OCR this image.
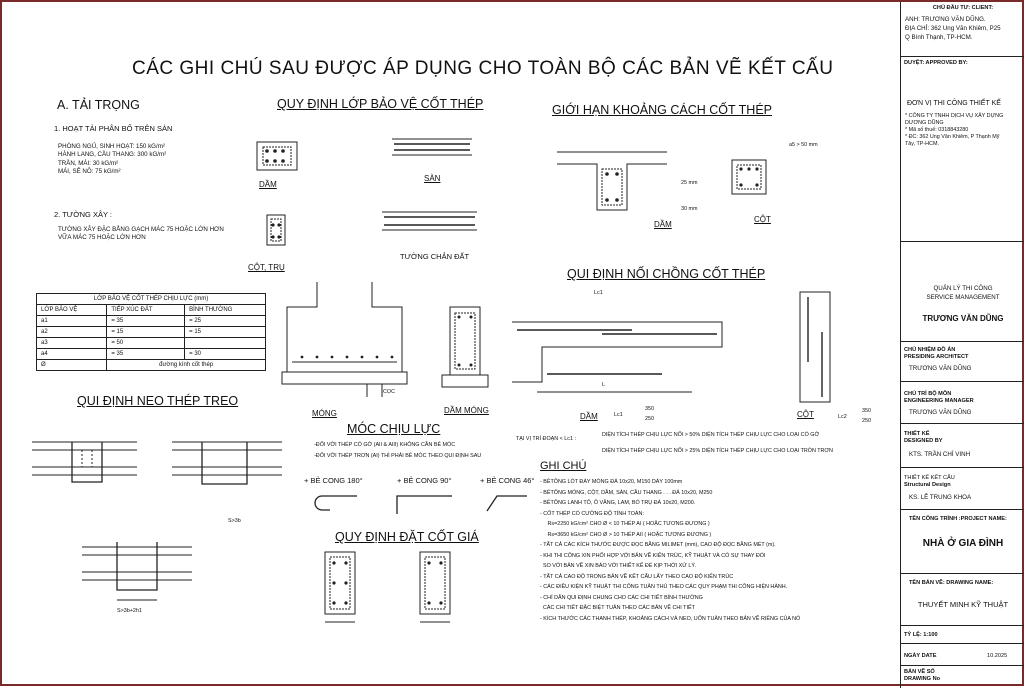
CÁC GHI CHÚ SAU ĐƯỢC ÁP DỤNG CHO TOÀN BỘ CÁC BẢN VẼ KẾT CẤU
A. TẢI TRỌNG
1. HOẠT TẢI PHÂN BỐ TRÊN SÀN
PHÒNG NGỦ, SINH HOẠT: 150 kG/m²
HÀNH LANG, CẦU THANG: 300 kG/m²
TRẦN, MÁI: 30 kG/m²
MÁI, SÊ NÔ: 75 kG/m²
2. TƯỜNG XÂY :
TƯỜNG XÂY ĐẶC BẰNG GẠCH MÁC 75 HOẶC LỚN HƠN
VỮA MÁC 75 HOẶC LỚN HƠN
LỚP BẢO VỆ CỐT THÉP CHỊU LỰC (mm)		
LỚP BẢO VỆ	TIẾP XÚC ĐẤT	BÌNH THƯỜNG
a1	= 35	= 25
a2	= 15	= 15
a3	= 50	
a4	= 35	= 30
Ø	đường kính cốt thép	
QUI ĐỊNH NEO THÉP TREO
S>3b
S>3b+2h1
QUY ĐỊNH LỚP BẢO VỆ CỐT THÉP
DẦM
SÀN
CỘT, TRỤ
TƯỜNG CHẮN ĐẤT
CỌC
MÓNG	DẦM MÓNG
MÓC CHỊU LỰC
-ĐỐI VỚI THÉP CÓ GỜ (AII & AIII) KHÔNG CẦN BẺ MÓC
-ĐỐI VỚI THÉP TRƠN (AI) THÌ PHẢI BẺ MÓC THEO QUI ĐỊNH SAU
+ BẺ CONG 180°	+ BẺ CONG 90°	+ BẺ CONG 46°
QUY ĐỊNH ĐẶT CỐT GIÁ
GIỚI HẠN KHOẢNG CÁCH CỐT THÉP
25 mm
30 mm
a5 > 50 mm
DẦM
CỘT
QUI ĐỊNH NỐI CHỒNG CỐT THÉP
Lc1
L
DẦM	Lc1
350
250	CỘT	Lc2
350
250
TẠI VỊ TRÍ ĐOẠN < Lc1 :
DIỆN TÍCH THÉP CHỊU LỰC NỐI > 50% DIỆN TÍCH THÉP CHỊU LỰC CHO LOẠI CÓ GỜ
DIỆN TÍCH THÉP CHỊU LỰC NỐI > 25% DIỆN TÍCH THÉP CHỊU LỰC CHO LOẠI TRÒN TRƠN
GHI CHÚ
- BÊTÔNG LÓT ĐÁY MÓNG ĐÁ 10x20, M150 DÀY 100mm
- BÊTÔNG MÓNG, CỘT, DẦM, SÀN, CẦU THANG . . . ĐÁ 10x20, M250
- BÊTÔNG LANH TÔ, Ô VĂNG, LAM, BỔ TRỤ ĐÁ 10x20, M200.
- CỐT THÉP CÓ CƯỜNG ĐỘ TÍNH TOÁN:
Rs=2250 kG/cm² CHO Ø < 10 THÉP AI ( HOẶC TƯƠNG ĐƯƠNG )
Rs=3650 kG/cm² CHO Ø > 10 THÉP AII ( HOẶC TƯƠNG ĐƯƠNG )
- TẤT CẢ CÁC KÍCH THƯỚC ĐƯỢC ĐỌC BẰNG MILIMET (mm), CAO ĐỘ ĐỌC BẰNG MÉT (m).
- KHI THI CÔNG XIN PHỐI HỢP VỚI BẢN VẼ KIẾN TRÚC, KỸ THUẬT VÀ CÓ SỰ THAY ĐỔI
SO VỚI BẢN VẼ XIN BÁO VỚI THIẾT KẾ ĐỂ KỊP THỜI XỬ LÝ.
- TẤT CẢ CAO ĐỘ TRONG BẢN VẼ KẾT CẤU LẤY THEO CAO ĐỘ KIẾN TRÚC
- CÁC ĐIỀU KIỆN KỸ THUẬT THI CÔNG TUÂN THỦ THEO CÁC QUY PHẠM THI CÔNG HIỆN HÀNH.
- CHỈ DẪN QUI ĐỊNH CHUNG CHO CÁC CHI TIẾT BÌNH THƯỜNG
CÁC CHI TIẾT ĐẶC BIỆT TUÂN THEO CÁC BẢN VẼ CHI TIẾT
- KÍCH THƯỚC CÁC THANH THÉP, KHOẢNG CÁCH VÀ NEO, UỐN TUÂN THEO BẢN VẼ RIÊNG CỦA NÓ
CHỦ ĐẦU TƯ: CLIENT:
ANH: TRƯƠNG VĂN DŨNG.
ĐỊA CHỈ: 362 Ung Văn Khiêm, P25
Q Bình Thạnh, TP-HCM.
DUYỆT: APPROVED BY:
ĐƠN VỊ THI CÔNG THIẾT KẾ
* CÔNG TY TNHH DỊCH VỤ XÂY DỰNG
DƯƠNG DŨNG
* Mã số thuế: 0318843280
* ĐC: 362 Ung Văn Khiêm, P Thạnh Mỹ
Tây, TP-HCM.
QUẢN LÝ THI CÔNG
SERVICE MANAGEMENT
TRƯƠNG VĂN DŨNG
CHỦ NHIỆM ĐỒ ÁN
PRESIDING ARCHITECT
TRƯƠNG VĂN DŨNG
CHỦ TRÌ BỘ MÔN
ENGINEERING MANAGER
TRƯƠNG VĂN DŨNG
THIẾT KẾ
DESIGNED BY
KTS. TRẦN CHÍ VINH
THIẾT KẾ KẾT CẤU
Structural Design
KS. LÊ TRUNG KHOA
TÊN CÔNG TRÌNH :PROJECT NAME:
NHÀ Ở GIA ĐÌNH
TÊN BẢN VẼ: DRAWING NAME:
THUYẾT MINH KỸ THUẬT
TỶ LỆ: 1:100
NGÀY DATE	10.2025
BẢN VẼ SỐ
DRAWING No
